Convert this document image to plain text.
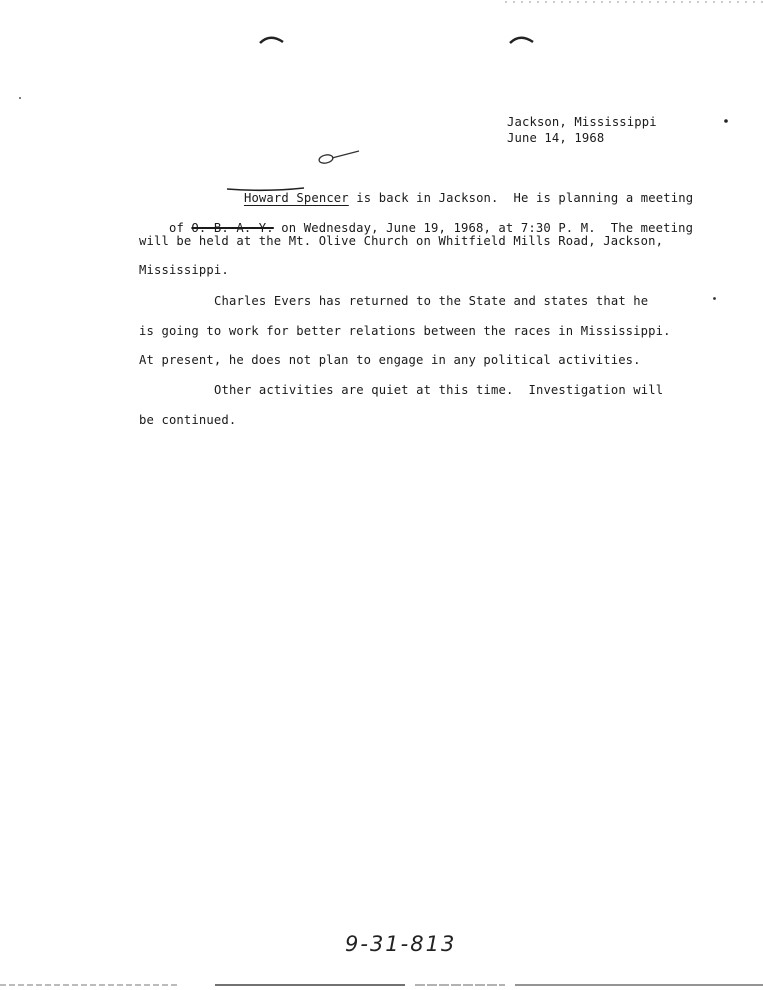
Jackson, Mississippi
June 14, 1968

Howard Spencer is back in Jackson.  He is planning a meeting

of O. B. A. Y. on Wednesday, June 19, 1968, at 7:30 P. M.  The meeting

will be held at the Mt. Olive Church on Whitfield Mills Road, Jackson,
Mississippi.
Charles Evers has returned to the State and states that he
is going to work for better relations between the races in Mississippi.
At present, he does not plan to engage in any political activities.
Other activities are quiet at this time.  Investigation will
be continued.
9-31-813
